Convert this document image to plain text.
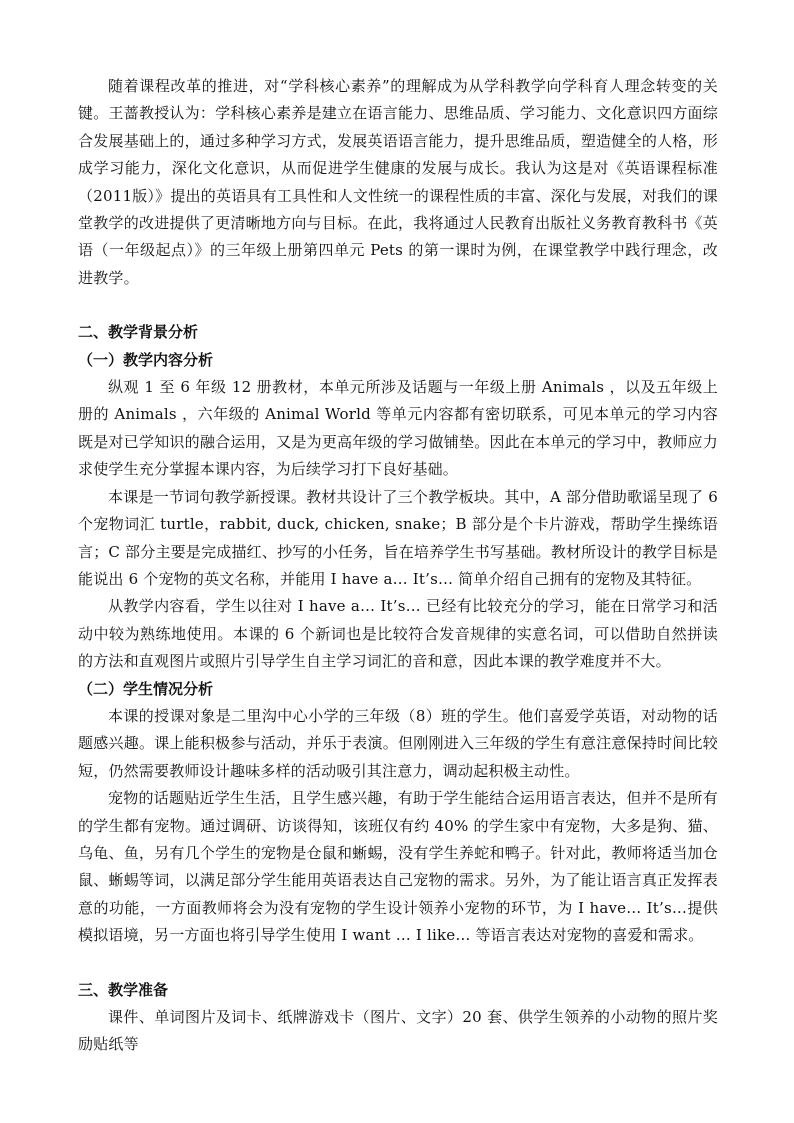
随着课程改革的推进，对“学科核心素养”的理解成为从学科教学向学科育人理念转变的关键。王蔷教授认为：学科核心素养是建立在语言能力、思维品质、学习能力、文化意识四方面综合发展基础上的，通过多种学习方式，发展英语语言能力，提升思维品质，塑造健全的人格，形成学习能力，深化文化意识，从而促进学生健康的发展与成长。我认为这是对《英语课程标准（2011版）》提出的英语具有工具性和人文性统一的课程性质的丰富、深化与发展，对我们的课堂教学的改进提供了更清晰地方向与目标。在此，我将通过人民教育出版社义务教育教科书《英语（一年级起点）》的三年级上册第四单元 Pets 的第一课时为例，在课堂教学中践行理念，改进教学。

二、教学背景分析

（一）教学内容分析

纵观 1 至 6 年级 12 册教材，本单元所涉及话题与一年级上册 Animals ，以及五年级上册的 Animals ，六年级的 Animal World 等单元内容都有密切联系，可见本单元的学习内容既是对已学知识的融合运用，又是为更高年级的学习做铺垫。因此在本单元的学习中，教师应力求使学生充分掌握本课内容，为后续学习打下良好基础。

本课是一节词句教学新授课。教材共设计了三个教学板块。其中，A 部分借助歌谣呈现了 6 个宠物词汇 turtle，rabbit, duck, chicken, snake；B 部分是个卡片游戏，帮助学生操练语言；C 部分主要是完成描红、抄写的小任务，旨在培养学生书写基础。教材所设计的教学目标是能说出 6 个宠物的英文名称，并能用 I have a… It’s… 简单介绍自己拥有的宠物及其特征。

从教学内容看，学生以往对 I have a… It’s… 已经有比较充分的学习，能在日常学习和活动中较为熟练地使用。本课的 6 个新词也是比较符合发音规律的实意名词，可以借助自然拼读的方法和直观图片或照片引导学生自主学习词汇的音和意，因此本课的教学难度并不大。

（二）学生情况分析

本课的授课对象是二里沟中心小学的三年级（8）班的学生。他们喜爱学英语，对动物的话题感兴趣。课上能积极参与活动，并乐于表演。但刚刚进入三年级的学生有意注意保持时间比较短，仍然需要教师设计趣味多样的活动吸引其注意力，调动起积极主动性。

宠物的话题贴近学生生活，且学生感兴趣，有助于学生能结合运用语言表达，但并不是所有的学生都有宠物。通过调研、访谈得知，该班仅有约 40% 的学生家中有宠物，大多是狗、猫、乌龟、鱼，另有几个学生的宠物是仓鼠和蜥蜴，没有学生养蛇和鸭子。针对此，教师将适当加仓鼠、蜥蜴等词，以满足部分学生能用英语表达自己宠物的需求。另外，为了能让语言真正发挥表意的功能，一方面教师将会为没有宠物的学生设计领养小宠物的环节，为 I have… It’s…提供模拟语境，另一方面也将引导学生使用 I want … I like… 等语言表达对宠物的喜爱和需求。

三、教学准备

课件、单词图片及词卡、纸牌游戏卡（图片、文字）20 套、供学生领养的小动物的照片奖励贴纸等
